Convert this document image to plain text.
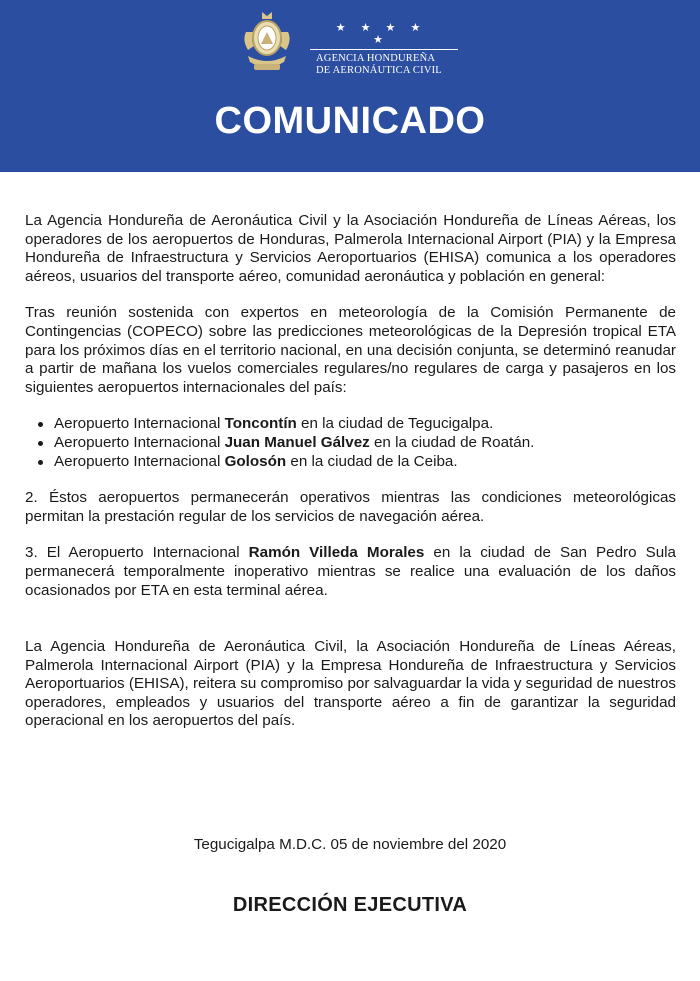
★ ★ ★ ★ ★
AGENCIA HONDUREÑA
DE AERONÁUTICA CIVIL
COMUNICADO

La Agencia Hondureña de Aeronáutica Civil y la Asociación Hondureña de Líneas Aéreas, los operadores de los aeropuertos de Honduras, Palmerola Internacional Airport (PIA) y la Empresa Hondureña de Infraestructura y Servicios Aeroportuarios (EHISA) comunica a los operadores aéreos, usuarios del transporte aéreo, comunidad aeronáutica y población en general:

Tras reunión sostenida con expertos en meteorología de la Comisión Permanente de Contingencias (COPECO) sobre las predicciones meteorológicas de la Depresión tropical ETA para los próximos días en el territorio nacional, en una decisión conjunta, se determinó reanudar a partir de mañana los vuelos comerciales regulares/no regulares de carga y pasajeros en los siguientes aeropuertos internacionales del país:

Aeropuerto Internacional Toncontín en la ciudad de Tegucigalpa.
Aeropuerto Internacional Juan Manuel Gálvez en la ciudad de Roatán.
Aeropuerto Internacional Golosón en la ciudad de la Ceiba.

2. Éstos aeropuertos permanecerán operativos mientras las condiciones meteorológicas permitan la prestación regular de los servicios de navegación aérea.

3. El Aeropuerto Internacional Ramón Villeda Morales en la ciudad de San Pedro Sula permanecerá temporalmente inoperativo mientras se realice una evaluación de los daños ocasionados por ETA en esta terminal aérea.

La Agencia Hondureña de Aeronáutica Civil, la Asociación Hondureña de Líneas Aéreas, Palmerola Internacional Airport (PIA) y la Empresa Hondureña de Infraestructura y Servicios Aeroportuarios (EHISA), reitera su compromiso por salvaguardar la vida y seguridad de nuestros operadores, empleados y usuarios del transporte aéreo a fin de garantizar la seguridad operacional en los aeropuertos del país.

Tegucigalpa M.D.C. 05 de noviembre del 2020
DIRECCIÓN EJECUTIVA
